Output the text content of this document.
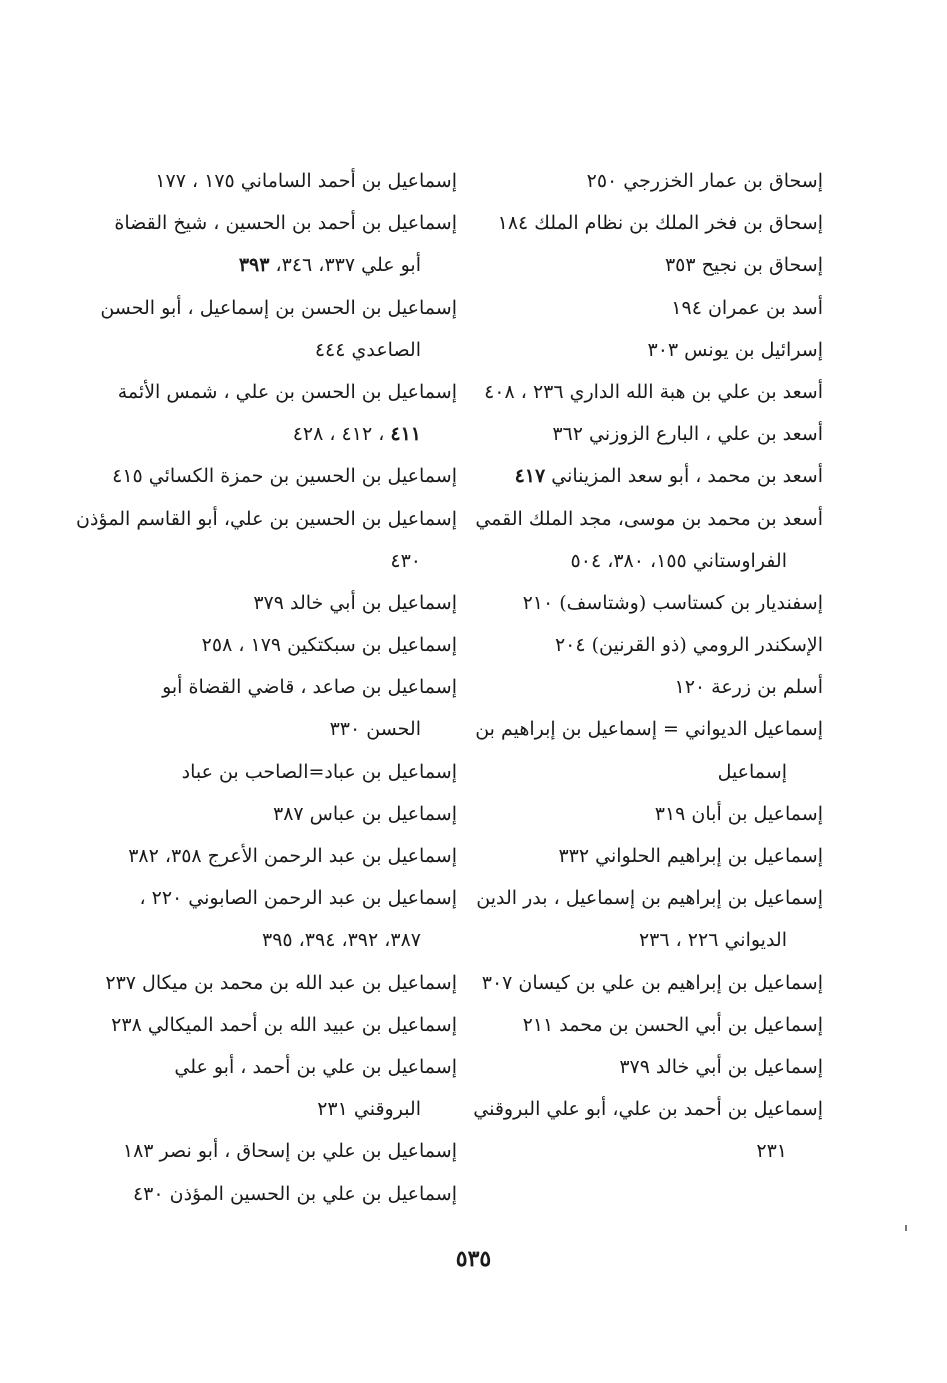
إسحاق بن عمار الخزرجي ٢٥٠
إسحاق بن فخر الملك بن نظام الملك ١٨٤
إسحاق بن نجيح ٣٥٣
أسد بن عمران ١٩٤
إسرائيل بن يونس ٣٠٣
أسعد بن علي بن هبة الله الداري ٢٣٦ ، ٤٠٨
أسعد بن علي ، البارع الزوزني ٣٦٢
أسعد بن محمد ، أبو سعد المزيناني ٤١٧
أسعد بن محمد بن موسى، مجد الملك القمي
الفراوستاني ١٥٥، ٣٨٠، ٥٠٤
إسفنديار بن كستاسب (وشتاسف) ٢١٠
الإسكندر الرومي (ذو القرنين) ٢٠٤
أسلم بن زرعة ١٢٠
إسماعيل الديواني = إسماعيل بن إبراهيم بن
إسماعيل
إسماعيل بن أبان ٣١٩
إسماعيل بن إبراهيم الحلواني ٣٣٢
إسماعيل بن إبراهيم بن إسماعيل ، بدر الدين
الديواني ٢٢٦ ، ٢٣٦
إسماعيل بن إبراهيم بن علي بن كيسان ٣٠٧
إسماعيل بن أبي الحسن بن محمد ٢١١
إسماعيل بن أبي خالد ٣٧٩
إسماعيل بن أحمد بن علي، أبو علي البروقني
٢٣١
إسماعيل بن أحمد الساماني ١٧٥ ، ١٧٧
إسماعيل بن أحمد بن الحسين ، شيخ القضاة
أبو علي ٣٣٧، ٣٤٦، ٣٩٣
إسماعيل بن الحسن بن إسماعيل ، أبو الحسن
الصاعدي ٤٤٤
إسماعيل بن الحسن بن علي ، شمس الأئمة
٤١١ ، ٤١٢ ، ٤٢٨
إسماعيل بن الحسين بن حمزة الكسائي ٤١٥
إسماعيل بن الحسين بن علي، أبو القاسم المؤذن
٤٣٠
إسماعيل بن أبي خالد ٣٧٩
إسماعيل بن سبكتكين ١٧٩ ، ٢٥٨
إسماعيل بن صاعد ، قاضي القضاة أبو
الحسن ٣٣٠
إسماعيل بن عباد=الصاحب بن عباد
إسماعيل بن عباس ٣٨٧
إسماعيل بن عبد الرحمن الأعرج ٣٥٨، ٣٨٢
إسماعيل بن عبد الرحمن الصابوني ٢٢٠ ،
٣٨٧، ٣٩٢، ٣٩٤، ٣٩٥
إسماعيل بن عبد الله بن محمد بن ميكال ٢٣٧
إسماعيل بن عبيد الله بن أحمد الميكالي ٢٣٨
إسماعيل بن علي بن أحمد ، أبو علي
البروقني ٢٣١
إسماعيل بن علي بن إسحاق ، أبو نصر ١٨٣
إسماعيل بن علي بن الحسين المؤذن ٤٣٠
٥٣٥
